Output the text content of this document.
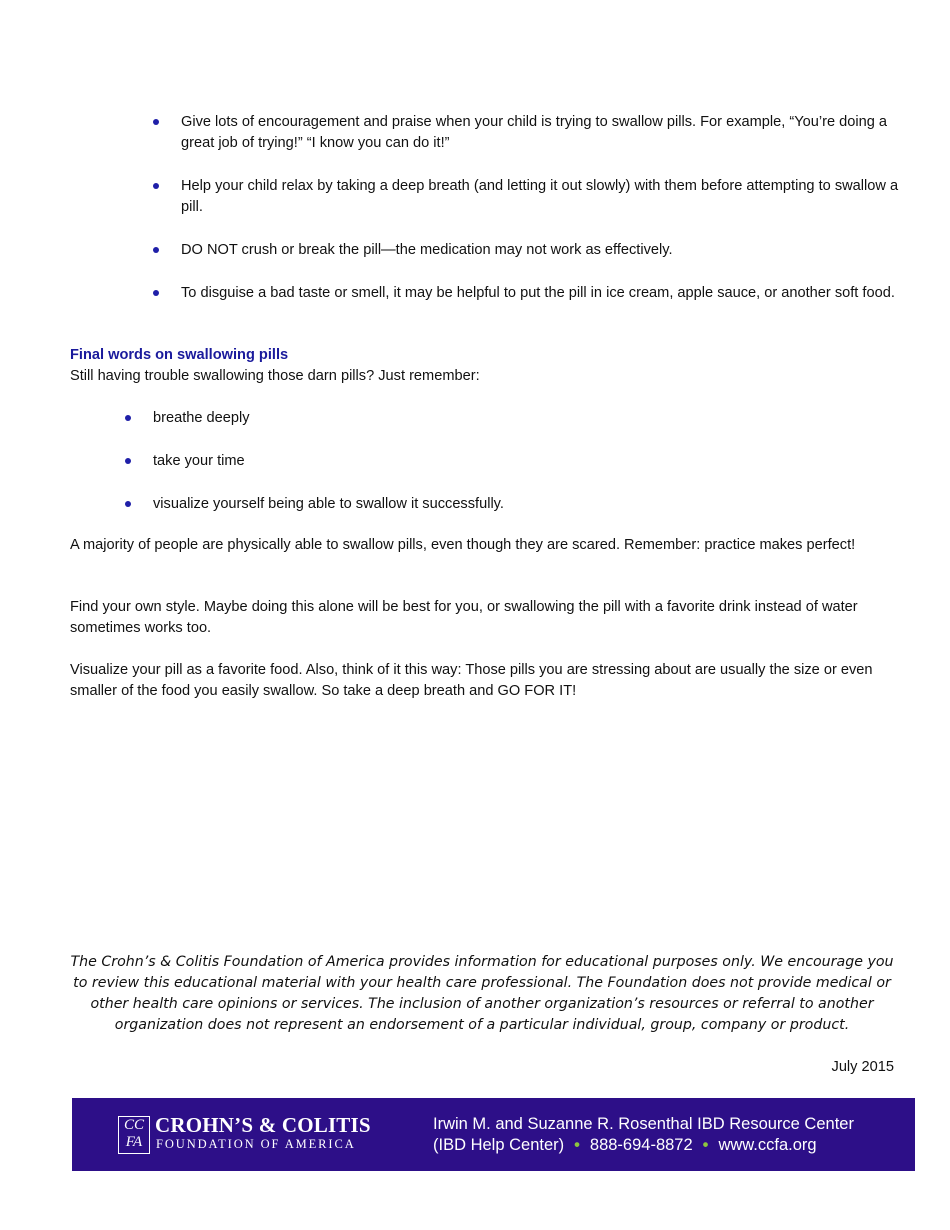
Give lots of encouragement and praise when your child is trying to swallow pills. For example, “You’re doing a great job of trying!” “I know you can do it!”
Help your child relax by taking a deep breath (and letting it out slowly) with them before attempting to swallow a pill.
DO NOT crush or break the pill—the medication may not work as effectively.
To disguise a bad taste or smell, it may be helpful to put the pill in ice cream, apple sauce, or another soft food.
Final words on swallowing pills

Still having trouble swallowing those darn pills? Just remember:

breathe deeply
take your time
visualize yourself being able to swallow it successfully.

A majority of people are physically able to swallow pills, even though they are scared. Remember: practice makes perfect!

Find your own style. Maybe doing this alone will be best for you, or swallowing the pill with a favorite drink instead of water sometimes works too.

Visualize your pill as a favorite food. Also, think of it this way: Those pills you are stressing about are usually the size or even smaller of the food you easily swallow. So take a deep breath and GO FOR IT!

The Crohn’s & Colitis Foundation of America provides information for educational purposes only. We encourage you to review this educational material with your health care professional. The Foundation does not provide medical or other health care opinions or services. The inclusion of another organization’s resources or referral to another organization does not represent an endorsement of a particular individual, group, company or product.

July 2015
CC
FA
CROHN’S & COLITIS
FOUNDATION OF AMERICA
Irwin M. and Suzanne R. Rosenthal IBD Resource Center
(IBD Help Center) • 888-694-8872 • www.ccfa.org
